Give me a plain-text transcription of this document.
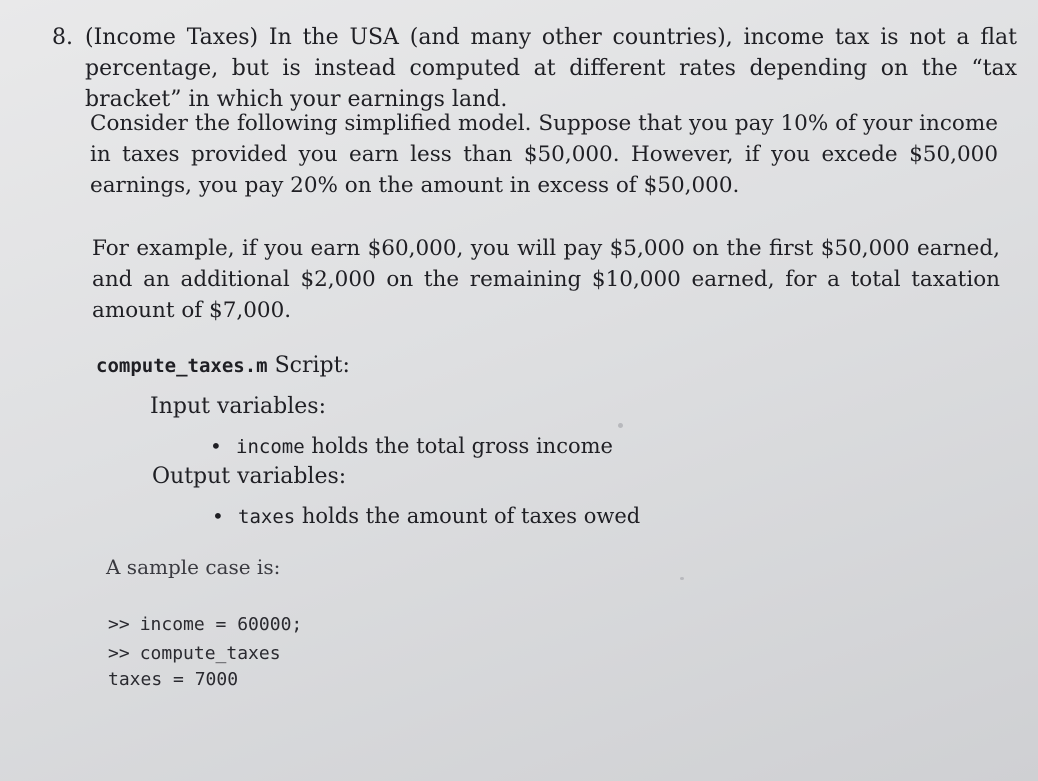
8. (Income Taxes) In the USA (and many other countries), income tax is not a flat percentage, but is instead computed at different rates depending on the “tax bracket” in which your earnings land.
Consider the following simplified model. Suppose that you pay 10% of your income in taxes provided you earn less than $50,000. However, if you excede $50,000 earnings, you pay 20% on the amount in excess of $50,000.
For example, if you earn $60,000, you will pay $5,000 on the first $50,000 earned, and an additional $2,000 on the remaining $10,000 earned, for a total taxation amount of $7,000.
compute_taxes.m Script:
Input variables:
• income holds the total gross income
Output variables:
• taxes holds the amount of taxes owed
A sample case is:
>> income = 60000;
>> compute_taxes
taxes = 7000
